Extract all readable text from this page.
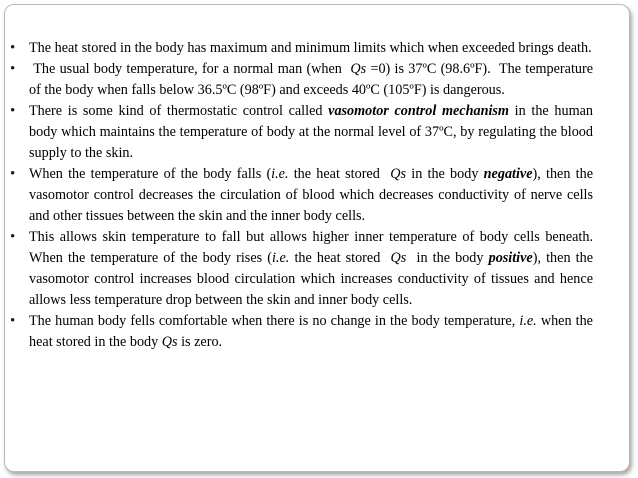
• The heat stored in the body has maximum and minimum limits which when exceeded brings death.
• The usual body temperature, for a normal man (when  Qs =0) is 37ºC (98.6ºF).  The temperature of the body when falls below 36.5ºC (98ºF) and exceeds 40ºC (105ºF) is dangerous.
• There is some kind of thermostatic control called vasomotor control mechanism in the human body which maintains the temperature of body at the normal level of 37ºC, by regulating the blood supply to the skin.
• When the temperature of the body falls (i.e. the heat stored  Qs in the body negative), then the vasomotor control decreases the circulation of blood which decreases conductivity of nerve cells and other tissues between the skin and the inner body cells.
• This allows skin temperature to fall but allows higher inner temperature of body cells beneath. When the temperature of the body rises (i.e. the heat stored  Qs  in the body positive), then the vasomotor control increases blood circulation which increases conductivity of tissues and hence allows less temperature drop between the skin and inner body cells.
• The human body fells comfortable when there is no change in the body temperature, i.e. when the heat stored in the body Qs is zero.
